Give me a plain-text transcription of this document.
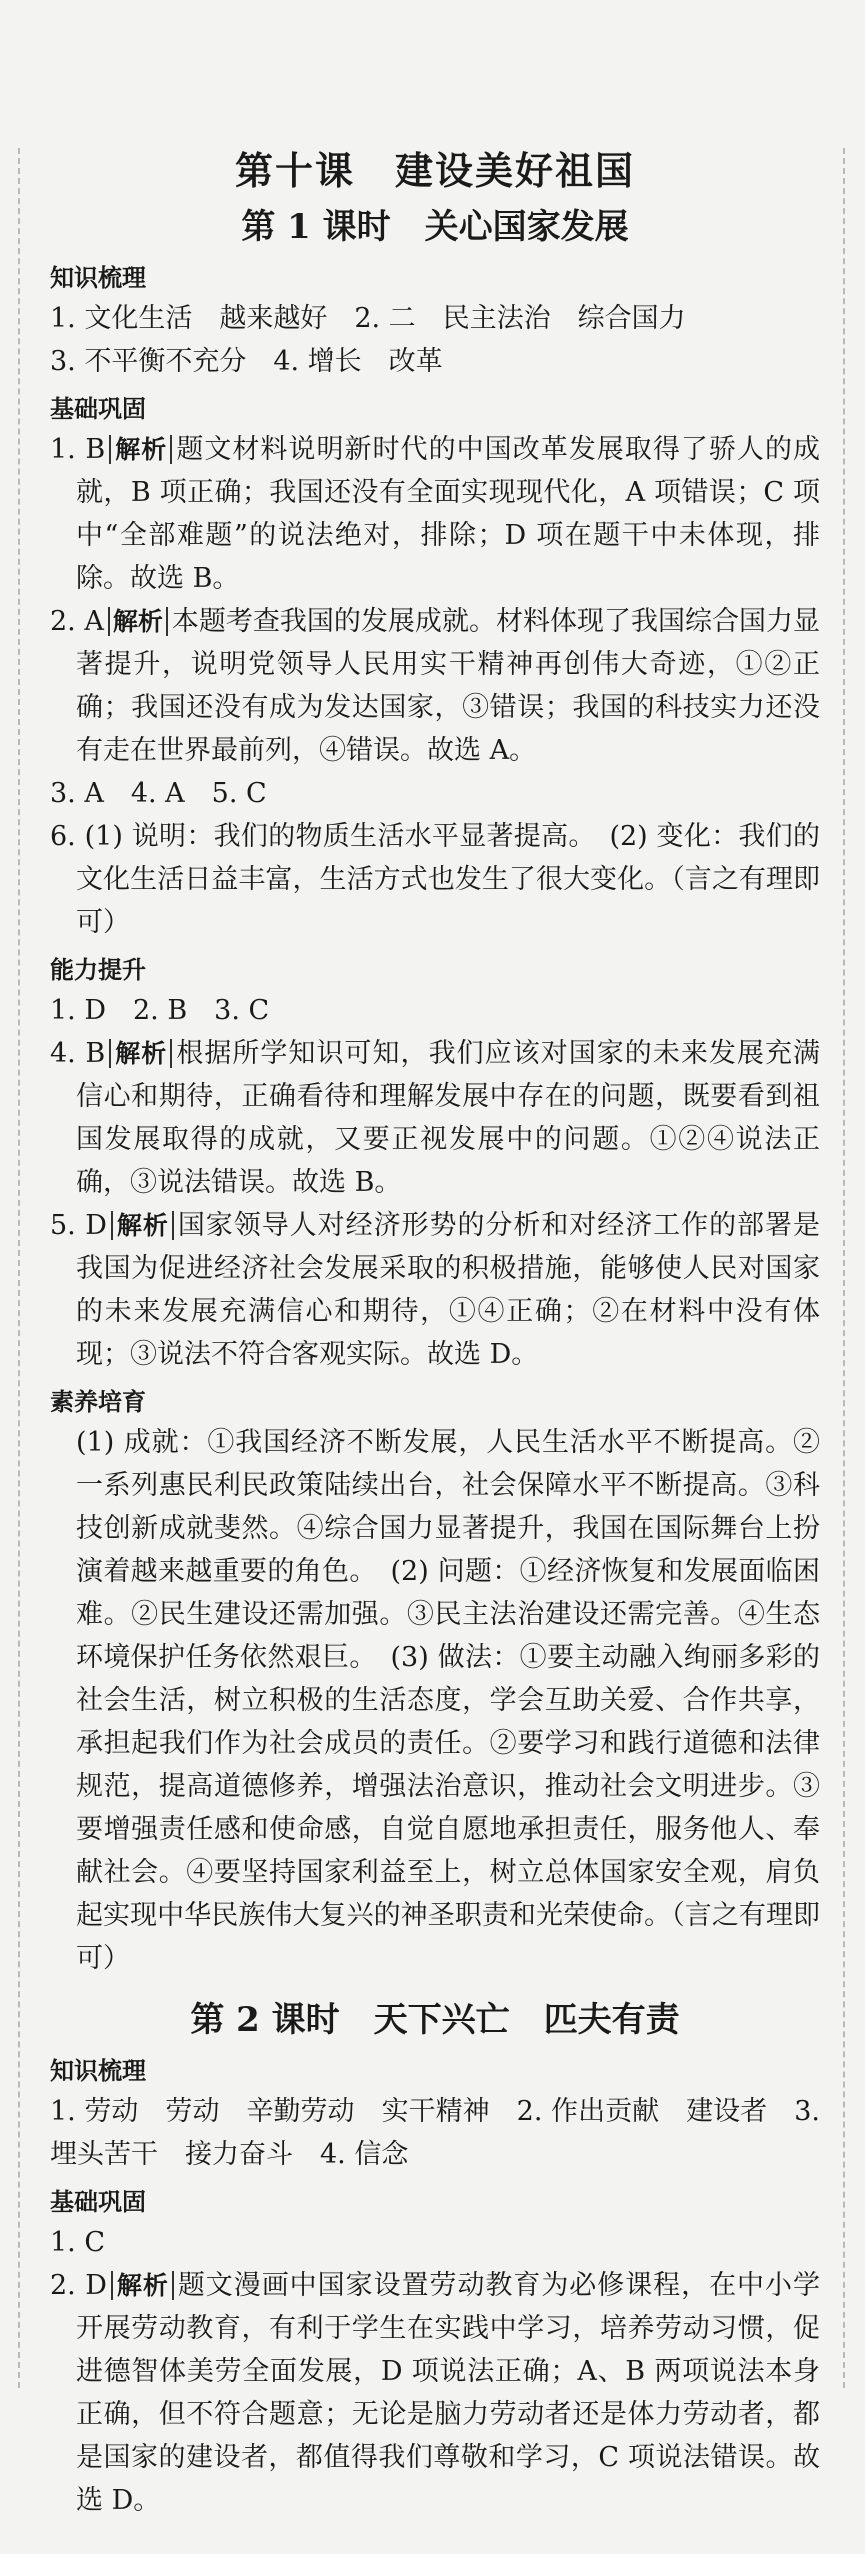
第十课　建设美好祖国
第 1 课时　关心国家发展
知识梳理

1. 文化生活　越来越好　2. 二　民主法治　综合国力

3. 不平衡不充分　4. 增长　改革

基础巩固

1. B 解析 题文材料说明新时代的中国改革发展取得了骄人的成就，B 项正确；我国还没有全面实现现代化，A 项错误；C 项中“全部难题”的说法绝对，排除；D 项在题干中未体现，排除。故选 B。

2. A 解析 本题考查我国的发展成就。材料体现了我国综合国力显著提升，说明党领导人民用实干精神再创伟大奇迹，①②正确；我国还没有成为发达国家，③错误；我国的科技实力还没有走在世界最前列，④错误。故选 A。

3. A　4. A　5. C

6. (1) 说明：我们的物质生活水平显著提高。　(2) 变化：我们的文化生活日益丰富，生活方式也发生了很大变化。（言之有理即可）

能力提升

1. D　2. B　3. C

4. B 解析 根据所学知识可知，我们应该对国家的未来发展充满信心和期待，正确看待和理解发展中存在的问题，既要看到祖国发展取得的成就，又要正视发展中的问题。①②④说法正确，③说法错误。故选 B。

5. D 解析 国家领导人对经济形势的分析和对经济工作的部署是我国为促进经济社会发展采取的积极措施，能够使人民对国家的未来发展充满信心和期待，①④正确；②在材料中没有体现；③说法不符合客观实际。故选 D。

素养培育

(1) 成就：①我国经济不断发展，人民生活水平不断提高。②一系列惠民利民政策陆续出台，社会保障水平不断提高。③科技创新成就斐然。④综合国力显著提升，我国在国际舞台上扮演着越来越重要的角色。　(2) 问题：①经济恢复和发展面临困难。②民生建设还需加强。③民主法治建设还需完善。④生态环境保护任务依然艰巨。　(3) 做法：①要主动融入绚丽多彩的社会生活，树立积极的生活态度，学会互助关爱、合作共享，承担起我们作为社会成员的责任。②要学习和践行道德和法律规范，提高道德修养，增强法治意识，推动社会文明进步。③要增强责任感和使命感，自觉自愿地承担责任，服务他人、奉献社会。④要坚持国家利益至上，树立总体国家安全观，肩负起实现中华民族伟大复兴的神圣职责和光荣使命。（言之有理即可）

第 2 课时　天下兴亡　匹夫有责
知识梳理

1. 劳动　劳动　辛勤劳动　实干精神　2. 作出贡献　建设者　3. 埋头苦干　接力奋斗　4. 信念

基础巩固

1. C

2. D 解析 题文漫画中国家设置劳动教育为必修课程，在中小学开展劳动教育，有利于学生在实践中学习，培养劳动习惯，促进德智体美劳全面发展，D 项说法正确；A、B 两项说法本身正确，但不符合题意；无论是脑力劳动者还是体力劳动者，都是国家的建设者，都值得我们尊敬和学习，C 项说法错误。故选 D。
